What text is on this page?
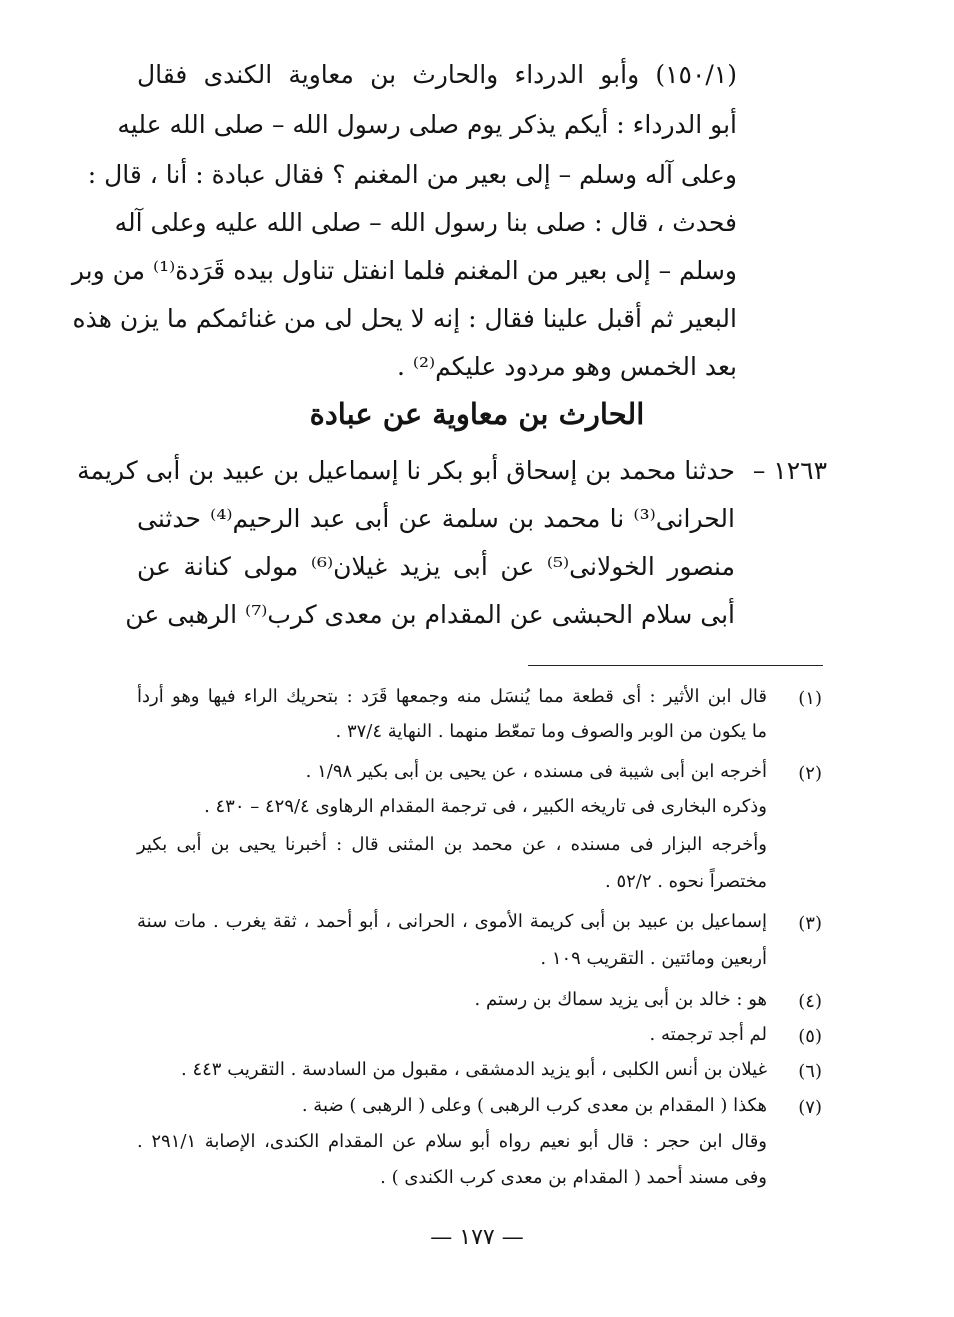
(١٥٠/١) وأبو الدرداء والحارث بن معاوية الكندى فقال
أبو الدرداء : أيكم يذكر يوم صلى رسول الله – صلى الله عليه
وعلى آله وسلم – إلى بعير من المغنم ؟ فقال عبادة : أنا ، قال :
فحدث ، قال : صلى بنا رسول الله – صلى الله عليه وعلى آله
وسلم – إلى بعير من المغنم فلما انفتل تناول بيده قَرَدة⁽¹⁾ من وبر
البعير ثم أقبل علينا فقال : إنه لا يحل لى من غنائمكم ما يزن هذه
بعد الخمس وهو مردود عليكم⁽²⁾ .
الحارث بن معاوية عن عبادة
١٢٦٣ –
حدثنا محمد بن إسحاق أبو بكر نا إسماعيل بن عبيد بن أبى كريمة
الحرانى⁽³⁾ نا محمد بن سلمة عن أبى عبد الرحيم⁽⁴⁾ حدثنى
منصور الخولانى⁽⁵⁾ عن أبى يزيد غيلان⁽⁶⁾ مولى كنانة عن
أبى سلام الحبشى عن المقدام بن معدى كرب⁽⁷⁾ الرهبى عن
(١)
قال ابن الأثير : أى قطعة مما يُنسَل منه وجمعها قَرَد : بتحريك الراء فيها وهو أردأ
ما يكون من الوبر والصوف وما تمعّط منهما . النهاية ٣٧/٤ .
(٢)
أخرجه ابن أبى شيبة فى مسنده ، عن يحيى بن أبى بكير ١/٩٨ .
وذكره البخارى فى تاريخه الكبير ، فى ترجمة المقدام الرهاوى ٤٢٩/٤ – ٤٣٠ .
وأخرجه البزار فى مسنده ، عن محمد بن المثنى قال : أخبرنا يحيى بن أبى بكير
مختصراً نحوه . ٥٢/٢ .
(٣)
إسماعيل بن عبيد بن أبى كريمة الأموى ، الحرانى ، أبو أحمد ، ثقة يغرب . مات سنة
أربعين ومائتين . التقريب ١٠٩ .
(٤)
هو : خالد بن أبى يزيد سماك بن رستم .
(٥)
لم أجد ترجمته .
(٦)
غيلان بن أنس الكلبى ، أبو يزيد الدمشقى ، مقبول من السادسة . التقريب ٤٤٣ .
(٧)
هكذا ( المقدام بن معدى كرب الرهبى ) وعلى ( الرهبى ) ضبة .
وقال ابن حجر : قال أبو نعيم رواه أبو سلام عن المقدام الكندى، الإصابة ٢٩١/١ .
وفى مسند أحمد ( المقدام بن معدى كرب الكندى ) .
— ١٧٧ —
